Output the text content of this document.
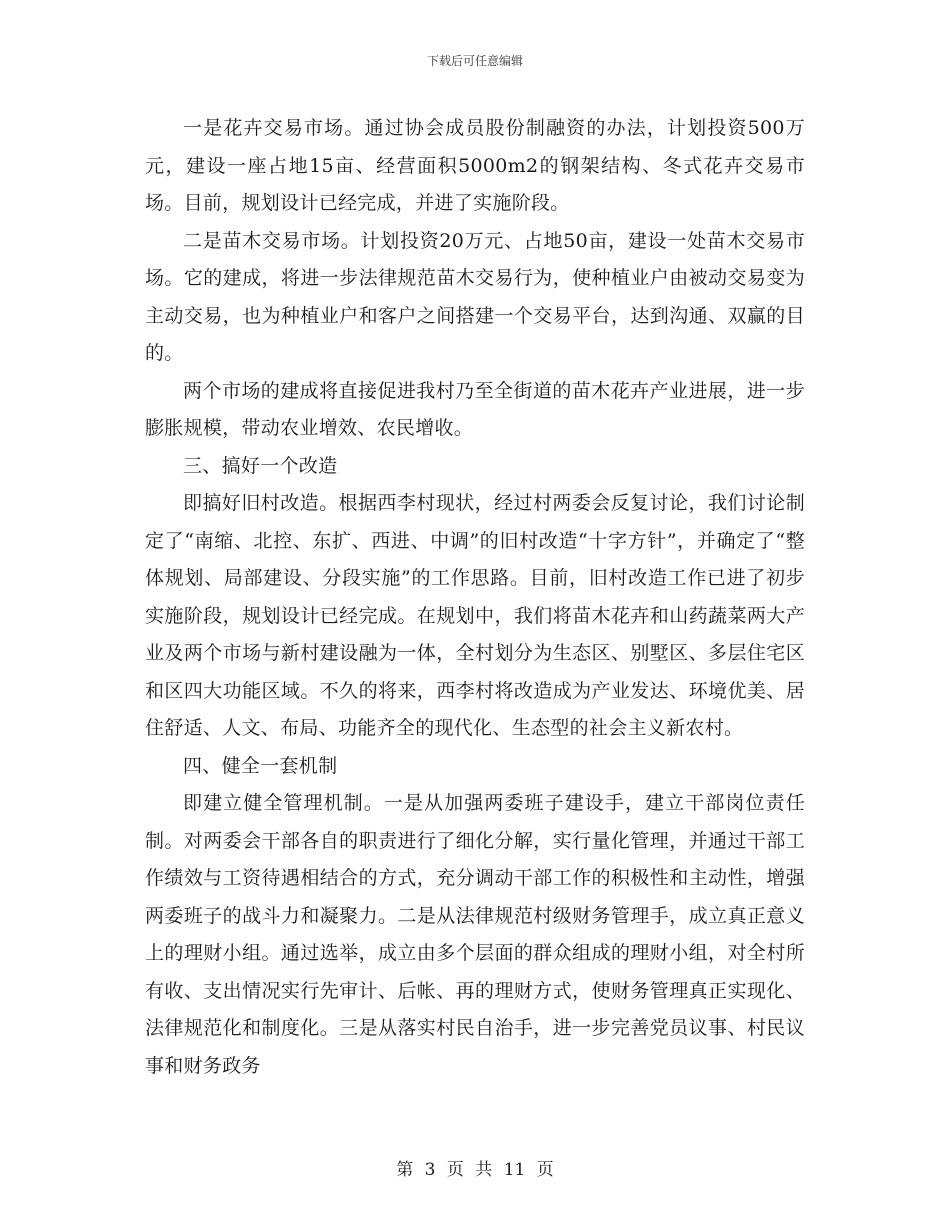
下载后可任意编辑

一是花卉交易市场。通过协会成员股份制融资的办法，计划投资500万元，建设一座占地15亩、经营面积5000m2的钢架结构、冬式花卉交易市场。目前，规划设计已经完成，并进了实施阶段。

二是苗木交易市场。计划投资20万元、占地50亩，建设一处苗木交易市场。它的建成，将进一步法律规范苗木交易行为，使种植业户由被动交易变为主动交易，也为种植业户和客户之间搭建一个交易平台，达到沟通、双赢的目的。

两个市场的建成将直接促进我村乃至全街道的苗木花卉产业进展，进一步膨胀规模，带动农业增效、农民增收。

三、搞好一个改造

即搞好旧村改造。根据西李村现状，经过村两委会反复讨论，我们讨论制定了“南缩、北控、东扩、西进、中调”的旧村改造“十字方针”，并确定了“整体规划、局部建设、分段实施”的工作思路。目前，旧村改造工作已进了初步实施阶段，规划设计已经完成。在规划中，我们将苗木花卉和山药蔬菜两大产业及两个市场与新村建设融为一体，全村划分为生态区、别墅区、多层住宅区和区四大功能区域。不久的将来，西李村将改造成为产业发达、环境优美、居住舒适、人文、布局、功能齐全的现代化、生态型的社会主义新农村。

四、健全一套机制

即建立健全管理机制。一是从加强两委班子建设手，建立干部岗位责任制。对两委会干部各自的职责进行了细化分解，实行量化管理，并通过干部工作绩效与工资待遇相结合的方式，充分调动干部工作的积极性和主动性，增强两委班子的战斗力和凝聚力。二是从法律规范村级财务管理手，成立真正意义上的理财小组。通过选举，成立由多个层面的群众组成的理财小组，对全村所有收、支出情况实行先审计、后帐、再的理财方式，使财务管理真正实现化、法律规范化和制度化。三是从落实村民自治手，进一步完善党员议事、村民议事和财务政务

第 3 页 共 11 页
